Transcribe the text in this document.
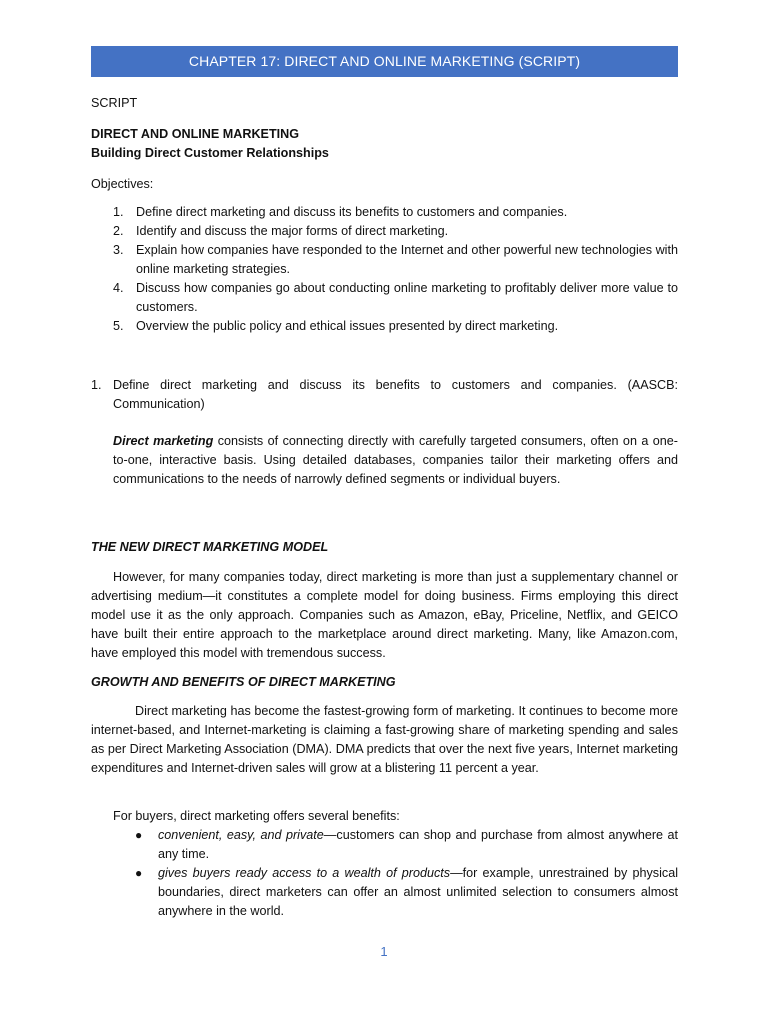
CHAPTER 17: DIRECT AND ONLINE MARKETING (SCRIPT)
SCRIPT
DIRECT AND ONLINE MARKETING
Building Direct Customer Relationships
Objectives:
1. Define direct marketing and discuss its benefits to customers and companies.
2. Identify and discuss the major forms of direct marketing.
3. Explain how companies have responded to the Internet and other powerful new technologies with online marketing strategies.
4. Discuss how companies go about conducting online marketing to profitably deliver more value to customers.
5. Overview the public policy and ethical issues presented by direct marketing.
1. Define direct marketing and discuss its benefits to customers and companies. (AASCB: Communication)
Direct marketing consists of connecting directly with carefully targeted consumers, often on a one-to-one, interactive basis. Using detailed databases, companies tailor their marketing offers and communications to the needs of narrowly defined segments or individual buyers.
THE NEW DIRECT MARKETING MODEL
However, for many companies today, direct marketing is more than just a supplementary channel or advertising medium—it constitutes a complete model for doing business. Firms employing this direct model use it as the only approach. Companies such as Amazon, eBay, Priceline, Netflix, and GEICO have built their entire approach to the marketplace around direct marketing. Many, like Amazon.com, have employed this model with tremendous success.
GROWTH AND BENEFITS OF DIRECT MARKETING
Direct marketing has become the fastest-growing form of marketing. It continues to become more internet-based, and Internet-marketing is claiming a fast-growing share of marketing spending and sales as per Direct Marketing Association (DMA). DMA predicts that over the next five years, Internet marketing expenditures and Internet-driven sales will grow at a blistering 11 percent a year.
For buyers, direct marketing offers several benefits:
● convenient, easy, and private—customers can shop and purchase from almost anywhere at any time.
● gives buyers ready access to a wealth of products—for example, unrestrained by physical boundaries, direct marketers can offer an almost unlimited selection to consumers almost anywhere in the world.
1
